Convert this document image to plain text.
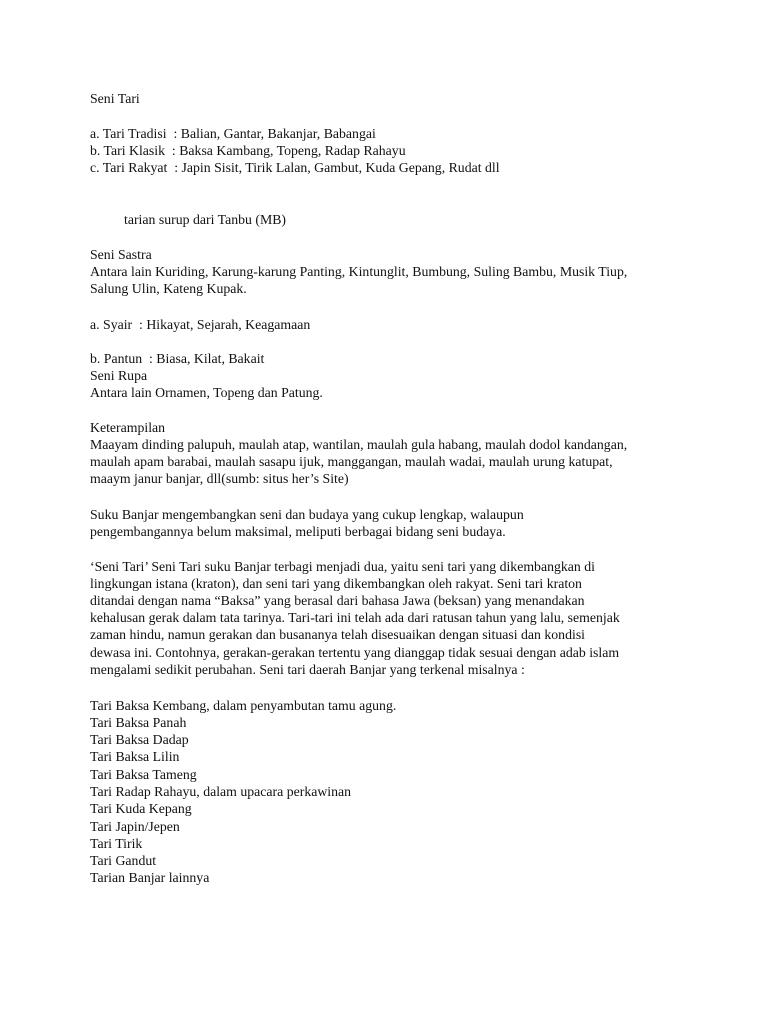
Seni Tari
a. Tari Tradisi  : Balian, Gantar, Bakanjar, Babangai
b. Tari Klasik  : Baksa Kambang, Topeng, Radap Rahayu
c. Tari Rakyat  : Japin Sisit, Tirik Lalan, Gambut, Kuda Gepang, Rudat dll
tarian surup dari Tanbu (MB)
Seni Sastra
Antara lain Kuriding, Karung-karung Panting, Kintunglit, Bumbung, Suling Bambu, Musik Tiup,
Salung Ulin, Kateng Kupak.
a. Syair  : Hikayat, Sejarah, Keagamaan
b. Pantun  : Biasa, Kilat, Bakait
Seni Rupa
Antara lain Ornamen, Topeng dan Patung.
Keterampilan
Maayam dinding palupuh, maulah atap, wantilan, maulah gula habang, maulah dodol kandangan,
maulah apam barabai, maulah sasapu ijuk, manggangan, maulah wadai, maulah urung katupat,
maaym janur banjar, dll(sumb: situs her’s Site)
Suku Banjar mengembangkan seni dan budaya yang cukup lengkap, walaupun
pengembangannya belum maksimal, meliputi berbagai bidang seni budaya.
‘Seni Tari’ Seni Tari suku Banjar terbagi menjadi dua, yaitu seni tari yang dikembangkan di
lingkungan istana (kraton), dan seni tari yang dikembangkan oleh rakyat. Seni tari kraton
ditandai dengan nama “Baksa” yang berasal dari bahasa Jawa (beksan) yang menandakan
kehalusan gerak dalam tata tarinya. Tari-tari ini telah ada dari ratusan tahun yang lalu, semenjak
zaman hindu, namun gerakan dan busananya telah disesuaikan dengan situasi dan kondisi
dewasa ini. Contohnya, gerakan-gerakan tertentu yang dianggap tidak sesuai dengan adab islam
mengalami sedikit perubahan. Seni tari daerah Banjar yang terkenal misalnya :
Tari Baksa Kembang, dalam penyambutan tamu agung.
Tari Baksa Panah
Tari Baksa Dadap
Tari Baksa Lilin
Tari Baksa Tameng
Tari Radap Rahayu, dalam upacara perkawinan
Tari Kuda Kepang
Tari Japin/Jepen
Tari Tirik
Tari Gandut
Tarian Banjar lainnya
